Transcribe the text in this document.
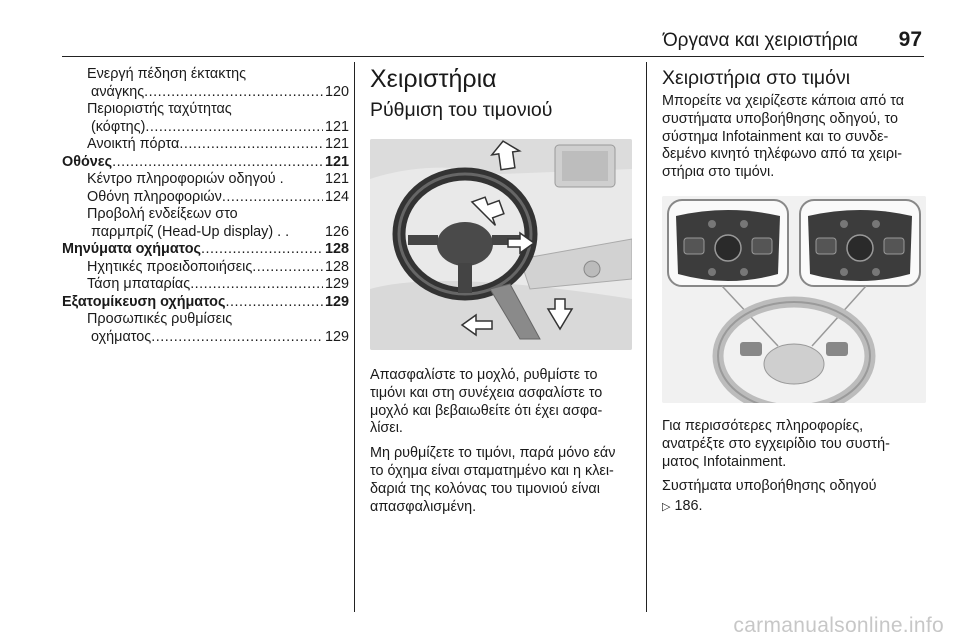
Όργανα και χειριστήρια 97
Ενεργή πέδηση έκτακτης
ανάγκης .....	120
Περιοριστής ταχύτητας
(κόφτης) .....	121
Ανοικτή πόρτα .....	121
Οθόνες .....	121
Κέντρο πληροφοριών οδηγού .	121
Οθόνη πληροφοριών .....	124
Προβολή ενδείξεων στο
παρμπρίζ (Head-Up display) . . 126
Μηνύματα οχήματος .....	128
Ηχητικές προειδοποιήσεις .....	128
Τάση μπαταρίας .....	129
Εξατομίκευση οχήματος .....	129
Προσωπικές ρυθμίσεις
οχήματος .....	129
Χειριστήρια
Ρύθμιση του τιμονιού

Απασφαλίστε το μοχλό, ρυθμίστε το τιμόνι και στη συνέχεια ασφαλίστε το μοχλό και βεβαιωθείτε ότι έχει ασφα- λίσει.

Μη ρυθμίζετε το τιμόνι, παρά μόνο εάν το όχημα είναι σταματημένο και η κλει- δαριά της κολόνας του τιμονιού είναι απασφαλισμένη.

Χειριστήρια στο τιμόνι

Μπορείτε να χειρίζεστε κάποια από τα συστήματα υποβοήθησης οδηγού, το σύστημα Infotainment και το συνδε- δεμένο κινητό τηλέφωνο από τα χειρι- στήρια στο τιμόνι.

Για περισσότερες πληροφορίες, ανατρέξτε στο εγχειρίδιο του συστή- ματος Infotainment.

Συστήματα υποβοήθησης οδηγού

▷ 186.

carmanualsonline.info
